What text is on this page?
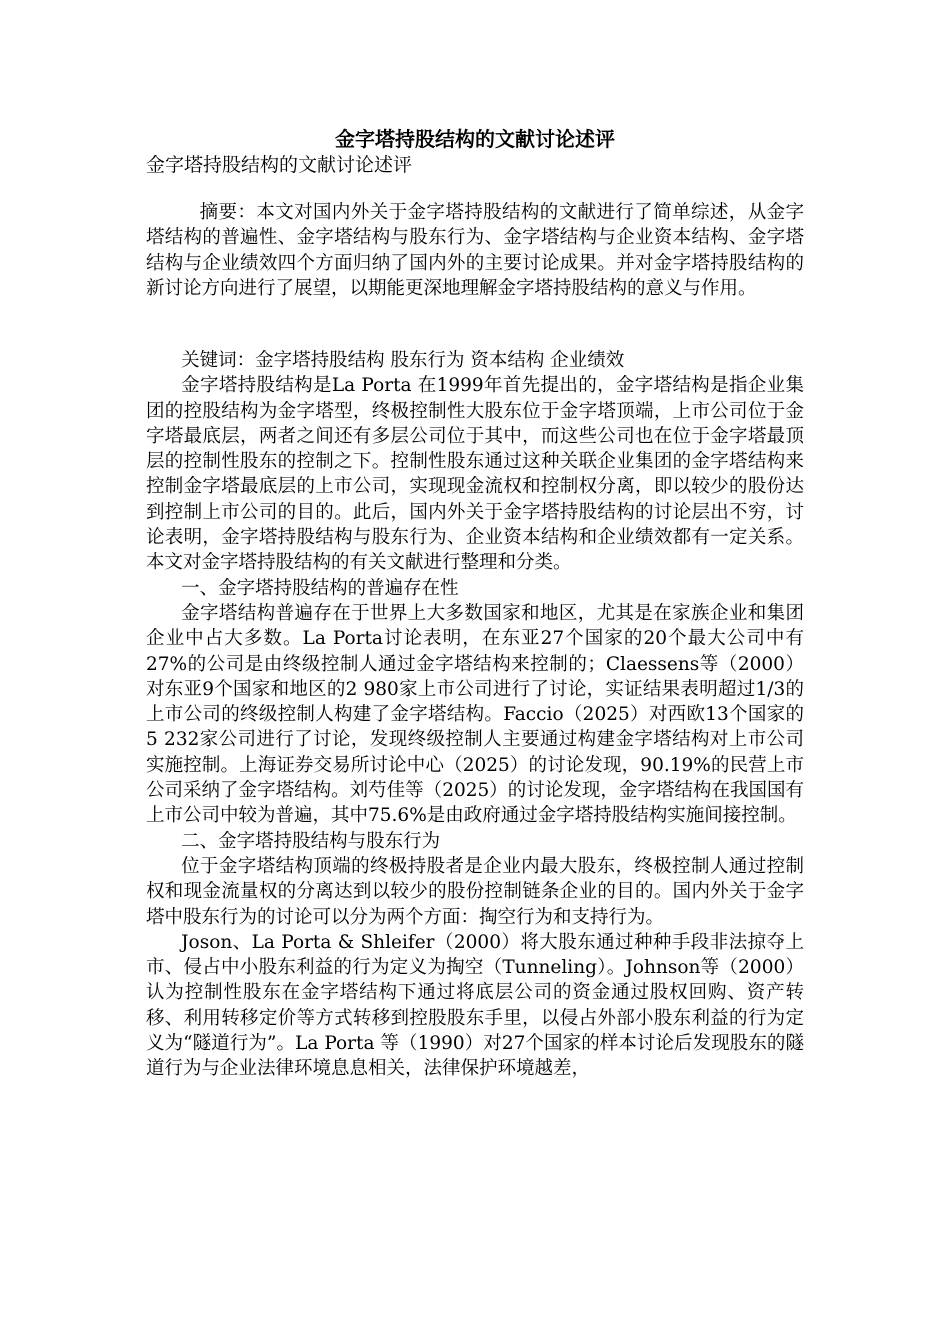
金字塔持股结构的文献讨论述评
金字塔持股结构的文献讨论述评

摘要：本文对国内外关于金字塔持股结构的文献进行了简单综述，从金字塔结构的普遍性、金字塔结构与股东行为、金字塔结构与企业资本结构、金字塔结构与企业绩效四个方面归纳了国内外的主要讨论成果。并对金字塔持股结构的新讨论方向进行了展望，以期能更深地理解金字塔持股结构的意义与作用。

关键词：金字塔持股结构 股东行为 资本结构 企业绩效

金字塔持股结构是La Porta 在1999年首先提出的，金字塔结构是指企业集团的控股结构为金字塔型，终极控制性大股东位于金字塔顶端，上市公司位于金字塔最底层，两者之间还有多层公司位于其中，而这些公司也在位于金字塔最顶层的控制性股东的控制之下。控制性股东通过这种关联企业集团的金字塔结构来控制金字塔最底层的上市公司，实现现金流权和控制权分离，即以较少的股份达到控制上市公司的目的。此后，国内外关于金字塔持股结构的讨论层出不穷，讨论表明，金字塔持股结构与股东行为、企业资本结构和企业绩效都有一定关系。本文对金字塔持股结构的有关文献进行整理和分类。

一、金字塔持股结构的普遍存在性

金字塔结构普遍存在于世界上大多数国家和地区，尤其是在家族企业和集团企业中占大多数。La Porta讨论表明，在东亚27个国家的20个最大公司中有27%的公司是由终级控制人通过金字塔结构来控制的；Claessens等（2000）对东亚9个国家和地区的2 980家上市公司进行了讨论，实证结果表明超过1/3的上市公司的终级控制人构建了金字塔结构。Faccio（2025）对西欧13个国家的5 232家公司进行了讨论，发现终级控制人主要通过构建金字塔结构对上市公司实施控制。上海证券交易所讨论中心（2025）的讨论发现，90.19%的民营上市公司采纳了金字塔结构。刘芍佳等（2025）的讨论发现，金字塔结构在我国国有上市公司中较为普遍，其中75.6%是由政府通过金字塔持股结构实施间接控制。

二、金字塔持股结构与股东行为

位于金字塔结构顶端的终极持股者是企业内最大股东，终极控制人通过控制权和现金流量权的分离达到以较少的股份控制链条企业的目的。国内外关于金字塔中股东行为的讨论可以分为两个方面：掏空行为和支持行为。

Joson、La Porta & Shleifer（2000）将大股东通过种种手段非法掠夺上市、侵占中小股东利益的行为定义为掏空（Tunneling）。Johnson等（2000）认为控制性股东在金字塔结构下通过将底层公司的资金通过股权回购、资产转移、利用转移定价等方式转移到控股股东手里，以侵占外部小股东利益的行为定义为“隧道行为”。La Porta 等（1990）对27个国家的样本讨论后发现股东的隧道行为与企业法律环境息息相关，法律保护环境越差，
